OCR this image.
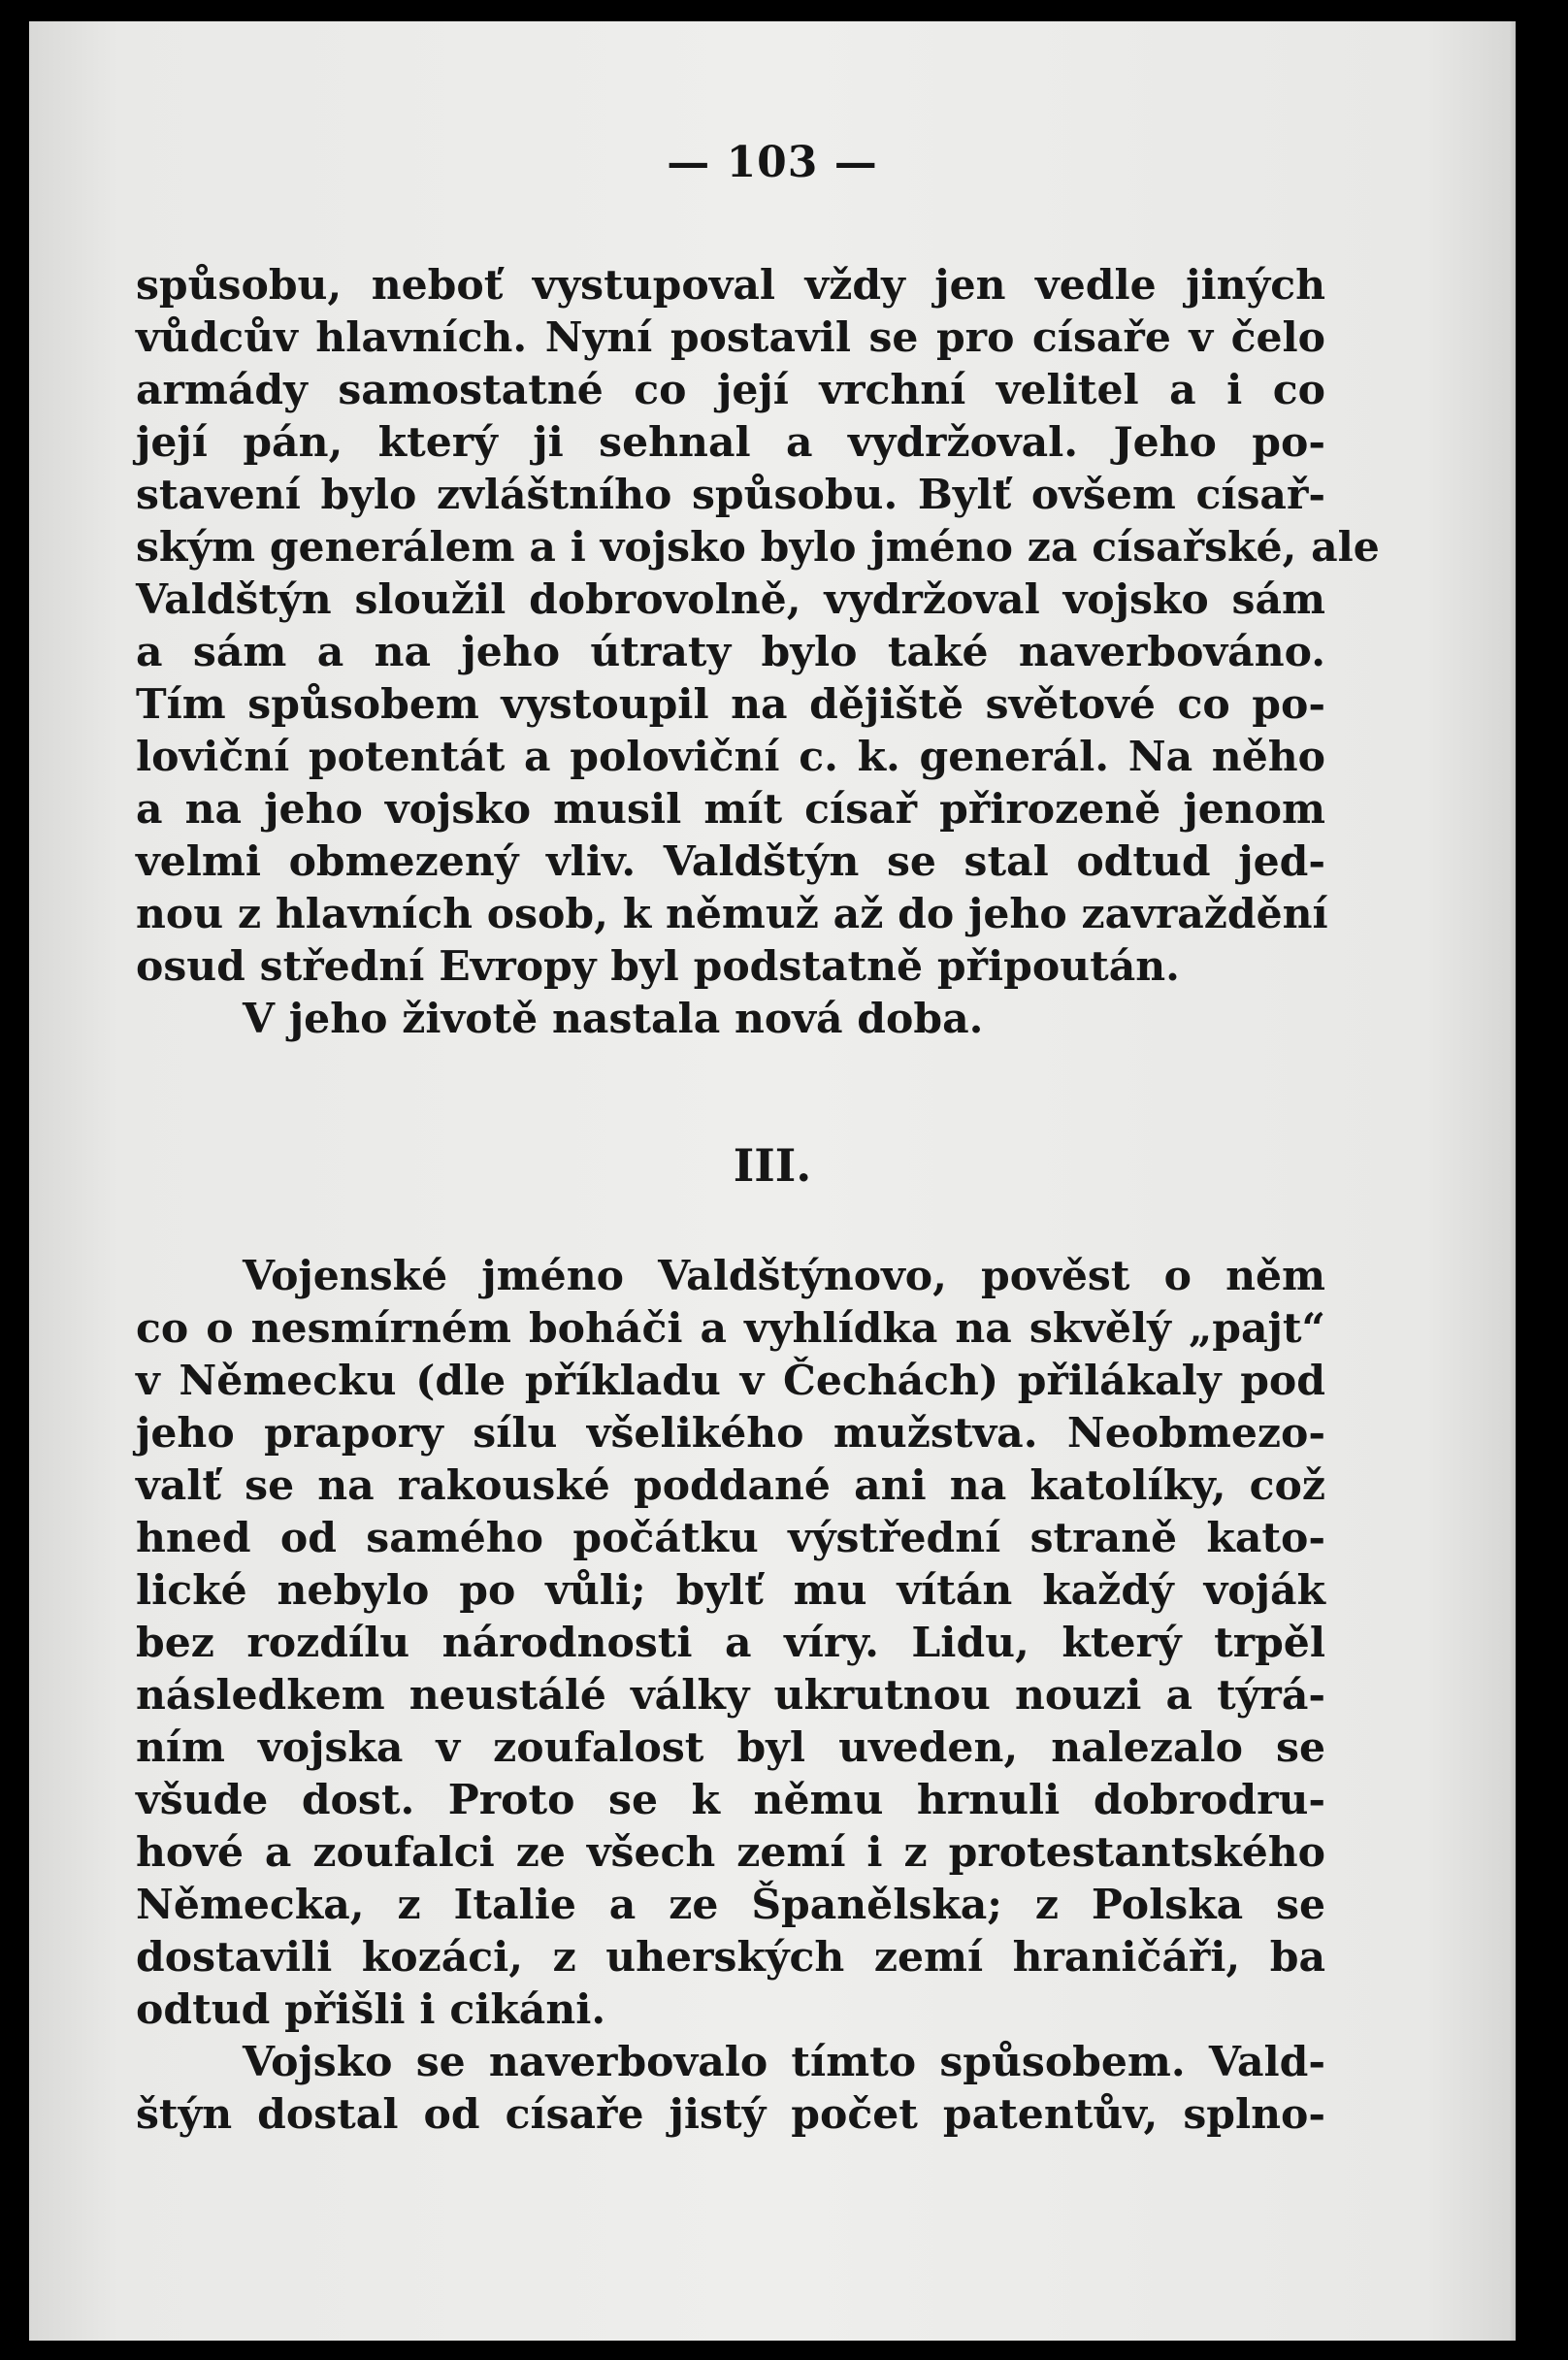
— 103 —
spůsobu, neboť vystupoval vždy jen vedle jiných
vůdcův hlavních. Nyní postavil se pro císaře v čelo
armády samostatné co její vrchní velitel a i co
její pán, který ji sehnal a vydržoval. Jeho po-
stavení bylo zvláštního spůsobu. Bylť ovšem císař-
ským generálem a i vojsko bylo jméno za císařské, ale
Valdštýn sloužil dobrovolně, vydržoval vojsko sám
a sám a na jeho útraty bylo také naverbováno.
Tím spůsobem vystoupil na dějiště světové co po-
loviční potentát a poloviční c. k. generál. Na něho
a na jeho vojsko musil mít císař přirozeně jenom
velmi obmezený vliv. Valdštýn se stal odtud jed-
nou z hlavních osob, k němuž až do jeho zavraždění
osud střední Evropy byl podstatně připoután.
V jeho životě nastala nová doba.
III.
Vojenské jméno Valdštýnovo, pověst o něm
co o nesmírném boháči a vyhlídka na skvělý „pajt“
v Německu (dle příkladu v Čechách) přilákaly pod
jeho prapory sílu všelikého mužstva. Neobmezo-
valť se na rakouské poddané ani na katolíky, což
hned od samého počátku výstřední straně kato-
lické nebylo po vůli; bylť mu vítán každý voják
bez rozdílu národnosti a víry. Lidu, který trpěl
následkem neustálé války ukrutnou nouzi a týrá-
ním vojska v zoufalost byl uveden, nalezalo se
všude dost. Proto se k němu hrnuli dobrodru-
hové a zoufalci ze všech zemí i z protestantského
Německa, z Italie a ze Španělska; z Polska se
dostavili kozáci, z uherských zemí hraničáři, ba
odtud přišli i cikáni.
Vojsko se naverbovalo tímto spůsobem. Vald-
štýn dostal od císaře jistý počet patentův, splno-
